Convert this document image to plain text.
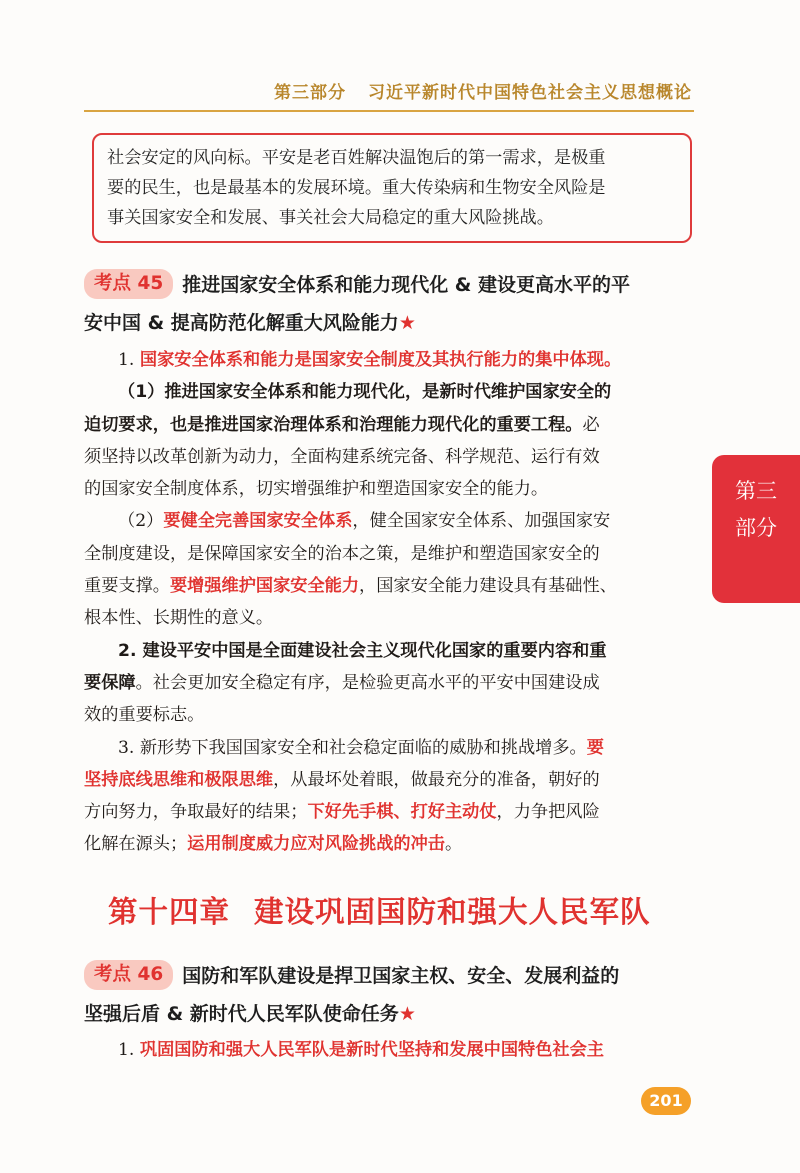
第三部分 习近平新时代中国特色社会主义思想概论
社会安定的风向标。平安是老百姓解决温饱后的第一需求，是极重
要的民生，也是最基本的发展环境。重大传染病和生物安全风险是
事关国家安全和发展、事关社会大局稳定的重大风险挑战。
考点 45 推进国家安全体系和能力现代化 & 建设更高水平的平
安中国 & 提高防范化解重大风险能力★
1. 国家安全体系和能力是国家安全制度及其执行能力的集中体现。
（1）推进国家安全体系和能力现代化，是新时代维护国家安全的
迫切要求，也是推进国家治理体系和治理能力现代化的重要工程。必
须坚持以改革创新为动力，全面构建系统完备、科学规范、运行有效
的国家安全制度体系，切实增强维护和塑造国家安全的能力。
（2）要健全完善国家安全体系，健全国家安全体系、加强国家安
全制度建设，是保障国家安全的治本之策，是维护和塑造国家安全的
重要支撑。要增强维护国家安全能力，国家安全能力建设具有基础性、
根本性、长期性的意义。
2. 建设平安中国是全面建设社会主义现代化国家的重要内容和重
要保障。社会更加安全稳定有序，是检验更高水平的平安中国建设成
效的重要标志。
3. 新形势下我国国家安全和社会稳定面临的威胁和挑战增多。要
坚持底线思维和极限思维，从最坏处着眼，做最充分的准备，朝好的
方向努力，争取最好的结果；下好先手棋、打好主动仗，力争把风险
化解在源头；运用制度威力应对风险挑战的冲击。
第十四章 建设巩固国防和强大人民军队
考点 46 国防和军队建设是捍卫国家主权、安全、发展利益的
坚强后盾 & 新时代人民军队使命任务★
1. 巩固国防和强大人民军队是新时代坚持和发展中国特色社会主
第三
部分
201
